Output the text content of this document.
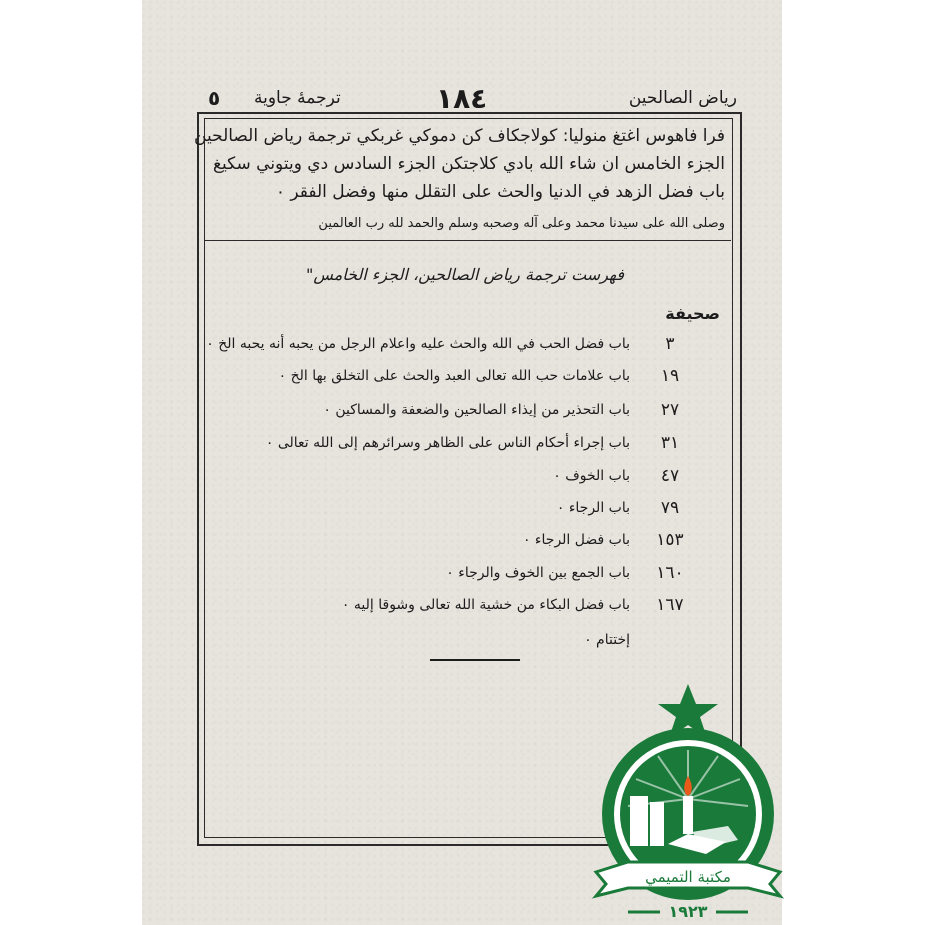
٥ ترجمهٔ جاوية	١٨٤	رياض الصالحين
فرا فاهوس اغتغ منوليا: كولاجكاف كن دموكي غربكي ترجمة رياض الصالحين
الجزء الخامس ان شاء الله بادي كلاجتكن الجزء السادس دي ويتوني سكيغ
باب فضل الزهد في الدنيا والحث على التقلل منها وفضل الفقر ٠
وصلى الله على سيدنا محمد وعلى آله وصحبه وسلم والحمد لله رب العالمين
فهرست ترجمة رياض الصالحين، الجزء الخامس"
صحيفة
٣
باب فضل الحب في الله والحث عليه واعلام الرجل من يحبه أنه يحبه الخ ٠
١٩
باب علامات حب الله تعالى العبد والحث على التخلق بها الخ ٠
٢٧
باب التحذير من إيذاء الصالحين والضعفة والمساكين ٠
٣١
باب إجراء أحكام الناس على الظاهر وسرائرهم إلى الله تعالى ٠
٤٧
باب الخوف ٠
٧٩
باب الرجاء ٠
١٥٣
باب فضل الرجاء ٠
١٦٠
باب الجمع بين الخوف والرجاء ٠
١٦٧
باب فضل البكاء من خشية الله تعالى وشوقا إليه ٠
إختتام ٠
مكتبة التميمي
١٩٢٣
